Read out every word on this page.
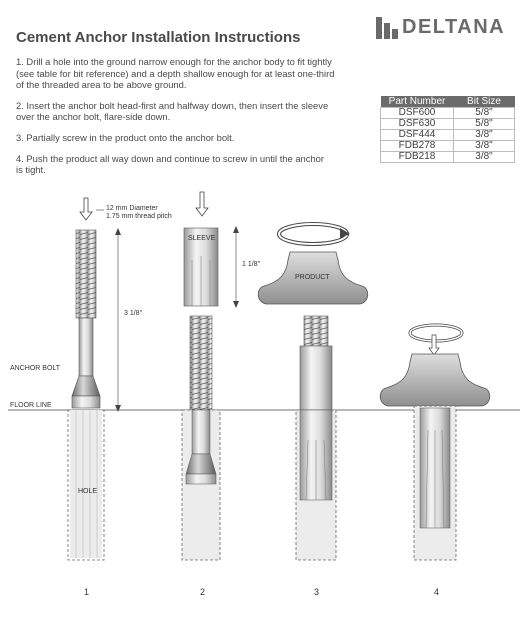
Cement Anchor Installation Instructions	DELTANA
1. Drill a hole into the ground narrow enough for the anchor body to fit tightly
(see table for bit reference) and a depth shallow enough for at least one-third
of the threaded area to be above ground.
2. Insert the anchor bolt head-first and halfway down, then insert the sleeve
over the anchor bolt, flare-side down.
3. Partially screw in the product onto the anchor bolt.
4. Push the product all way down and continue to screw in until the anchor
is tight.
Part Number	Bit Size
DSF600	5/8"
DSF630	5/8"
DSF444	3/8"
FDB278	3/8"
FDB218	3/8"
12 mm Diameter
1.75 mm thread pitch
3 1/8"
ANCHOR BOLT
FLOOR LINE
HOLE
SLEEVE
1 1/8"
PRODUCT
1	2	3	4
